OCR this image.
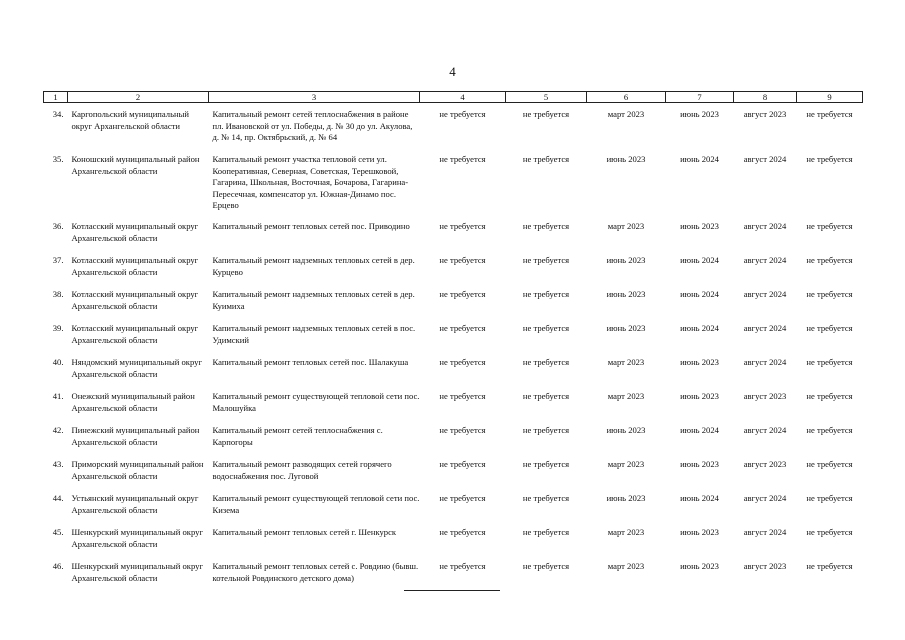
4
1	2	3	4	5	6	7	8	9
34.	Каргопольский муниципальный округ Архангельской области	Капитальный ремонт сетей теплоснабжения в районе пл. Ивановской от ул. Победы, д. № 30 до ул. Акулова, д. № 14, пр. Октябрьский, д. № 64	не требуется	не требуется	март 2023	июнь 2023	август 2023	не требуется
35.	Коношский муниципальный район Архангельской области	Капитальный ремонт участка тепловой сети ул. Кооперативная, Северная, Советская, Терешковой, Гагарина, Школьная, Восточная, Бочарова, Гагарина-Пересечная, компенсатор ул. Южная-Динамо пос. Ерцево	не требуется	не требуется	июнь 2023	июнь 2024	август 2024	не требуется
36.	Котласский муниципальный округ Архангельской области	Капитальный ремонт тепловых сетей пос. Приводино	не требуется	не требуется	март 2023	июнь 2023	август 2024	не требуется
37.	Котласский муниципальный округ Архангельской области	Капитальный ремонт надземных тепловых сетей в дер. Курцево	не требуется	не требуется	июнь 2023	июнь 2024	август 2024	не требуется
38.	Котласский муниципальный округ Архангельской области	Капитальный ремонт надземных тепловых сетей в дер. Куимиха	не требуется	не требуется	июнь 2023	июнь 2024	август 2024	не требуется
39.	Котласский муниципальный округ Архангельской области	Капитальный ремонт надземных тепловых сетей в пос. Удимский	не требуется	не требуется	июнь 2023	июнь 2024	август 2024	не требуется
40.	Няндомский муниципальный округ Архангельской области	Капитальный ремонт тепловых сетей пос. Шалакуша	не требуется	не требуется	март 2023	июнь 2023	август 2024	не требуется
41.	Онежский муниципальный район Архангельской области	Капитальный ремонт существующей тепловой сети пос. Малошуйка	не требуется	не требуется	март 2023	июнь 2023	август 2023	не требуется
42.	Пинежский муниципальный район Архангельской области	Капитальный ремонт сетей теплоснабжения с. Карпогоры	не требуется	не требуется	июнь 2023	июнь 2024	август 2024	не требуется
43.	Приморский муниципальный район Архангельской области	Капитальный ремонт разводящих сетей горячего водоснабжения пос. Луговой	не требуется	не требуется	март 2023	июнь 2023	август 2023	не требуется
44.	Устьянский муниципальный округ Архангельской области	Капитальный ремонт существующей тепловой сети пос. Кизема	не требуется	не требуется	июнь 2023	июнь 2024	август 2024	не требуется
45.	Шенкурский муниципальный округ Архангельской области	Капитальный ремонт тепловых сетей г. Шенкурск	не требуется	не требуется	март 2023	июнь 2023	август 2024	не требуется
46.	Шенкурский муниципальный округ Архангельской области	Капитальный ремонт тепловых сетей с. Ровдино (бывш. котельной Ровдинского детского дома)	не требуется	не требуется	март 2023	июнь 2023	август 2023	не требуется
